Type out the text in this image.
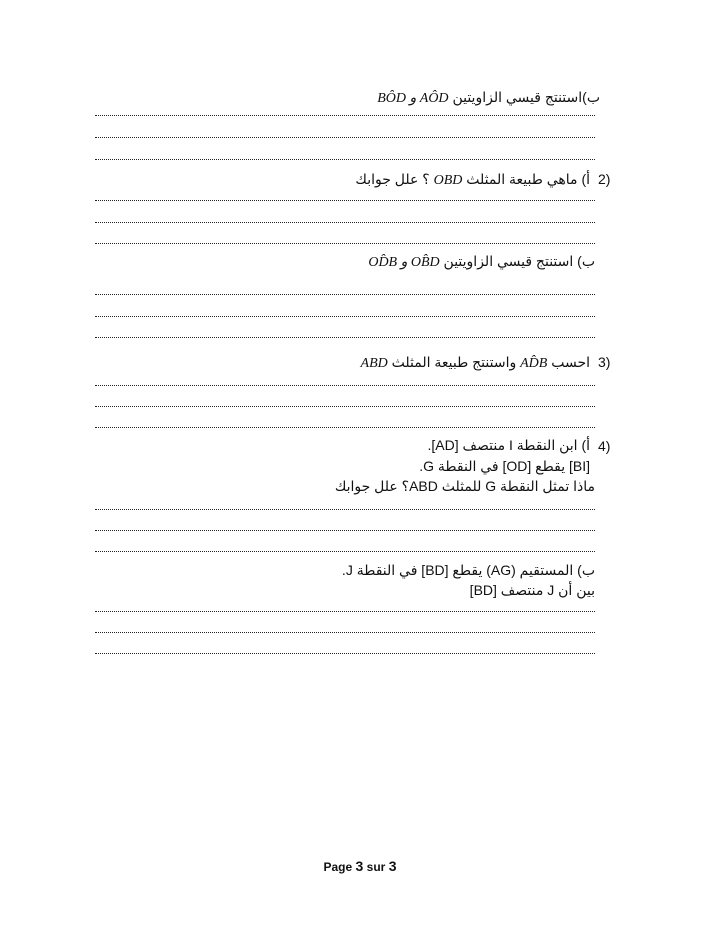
ب)استنتج قيسي الزاويتين AÔD و BÔD
2)
أ) ماهي طبيعة المثلث OBD ؟ علل جوابك
ب) استنتج قيسي الزاويتين OB̂D و OD̂B
3)
احسب AD̂B واستنتج طبيعة المثلث ABD
4)
أ) ابن النقطة I منتصف [AD].
[BI] يقطع [OD] في النقطة G.
ماذا تمثل النقطة G للمثلث ABD؟ علل جوابك
ب) المستقيم (AG) يقطع [BD] في النقطة J.
بين أن J منتصف [BD]
Page 3 sur 3
